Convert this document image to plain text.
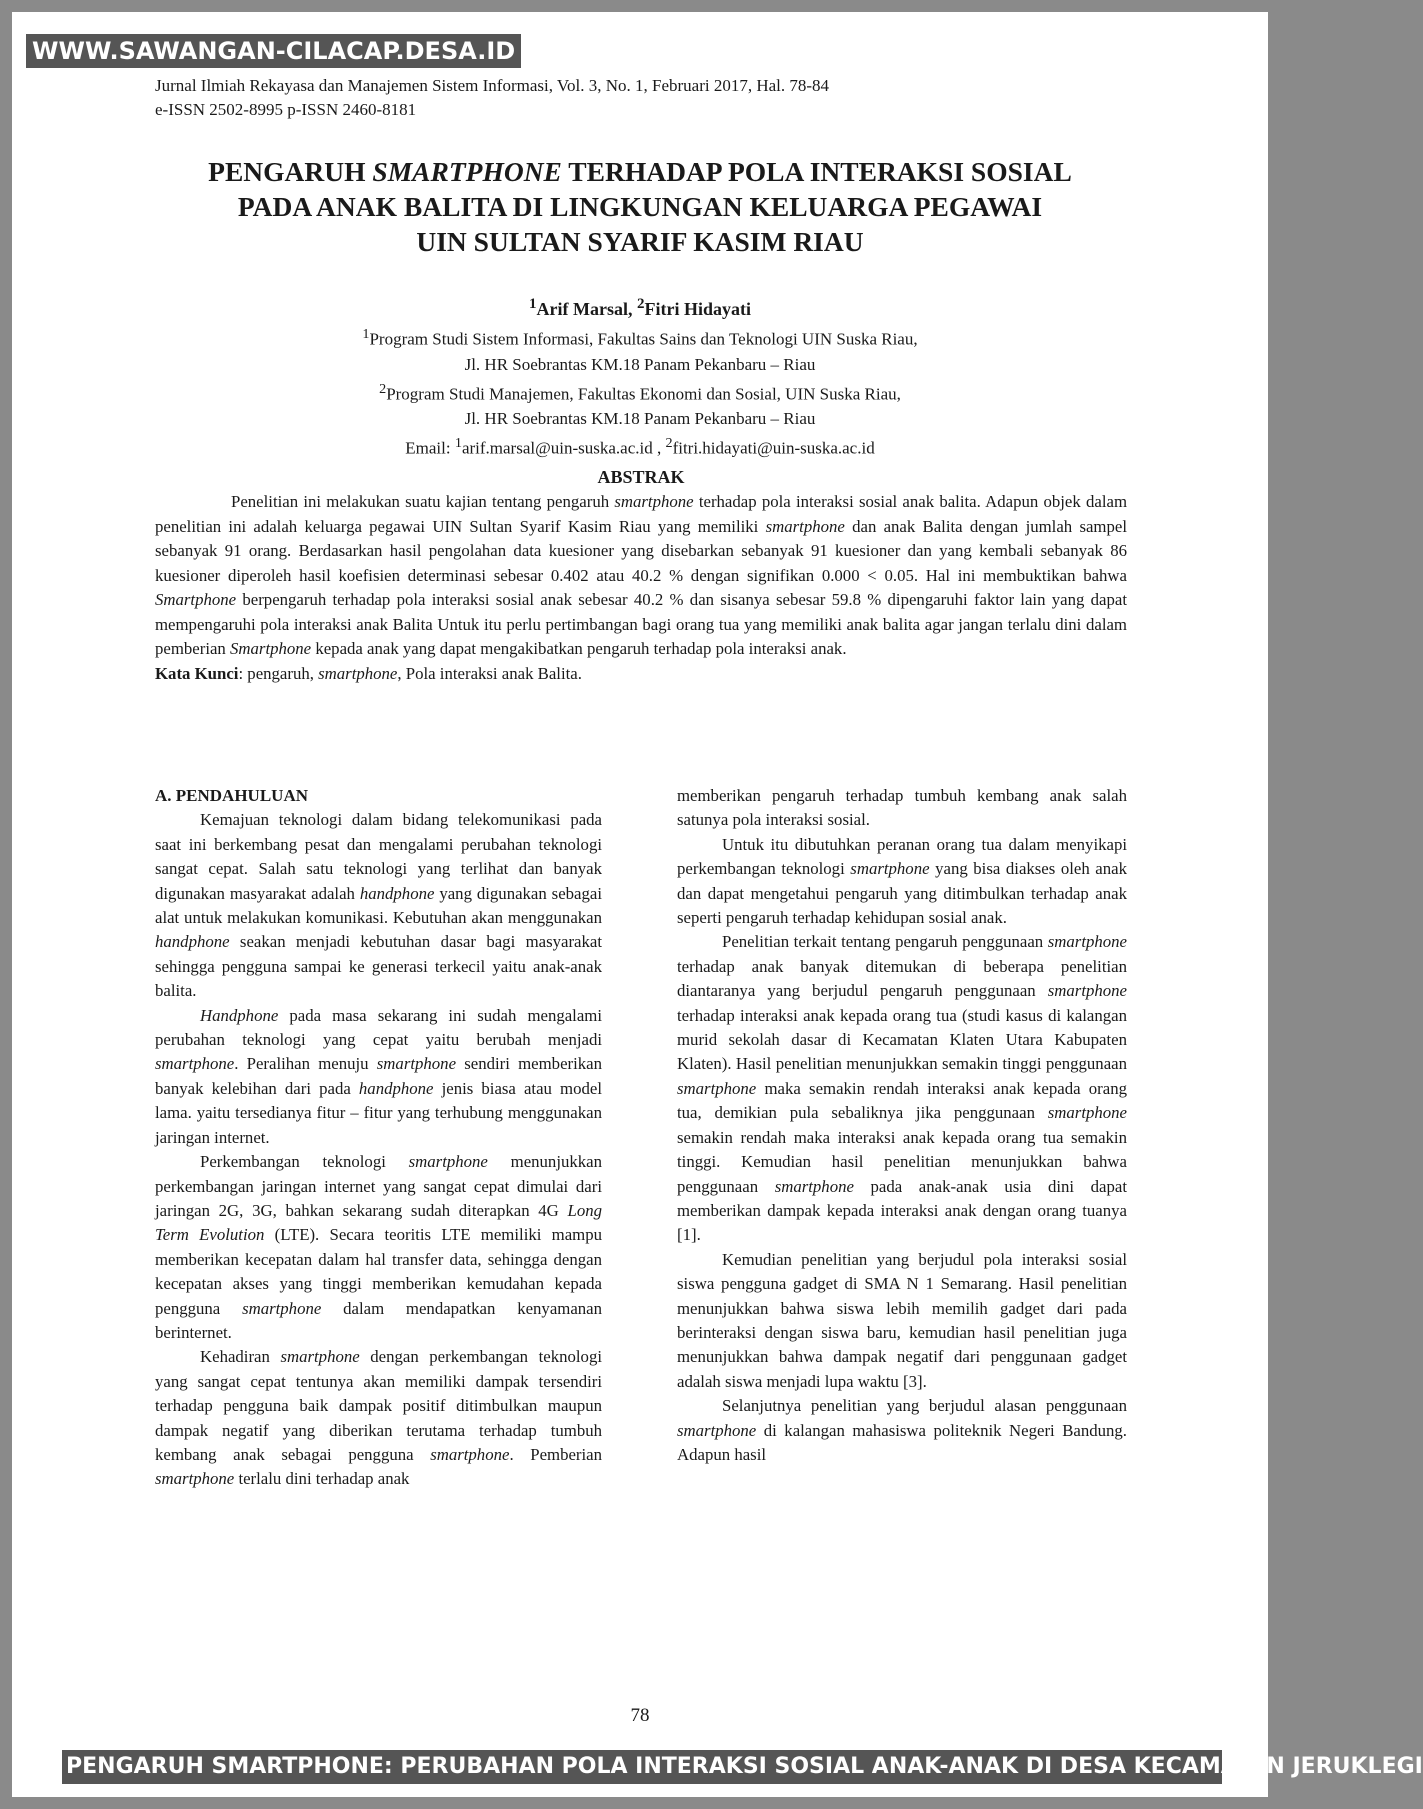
WWW.SAWANGAN-CILACAP.DESA.ID
Jurnal Ilmiah Rekayasa dan Manajemen Sistem Informasi, Vol. 3, No. 1, Februari 2017, Hal. 78-84
e-ISSN 2502-8995 p-ISSN 2460-8181
PENGARUH SMARTPHONE TERHADAP POLA INTERAKSI SOSIAL
PADA ANAK BALITA DI LINGKUNGAN KELUARGA PEGAWAI
UIN SULTAN SYARIF KASIM RIAU
$^1$Arif Marsal, $^2$Fitri Hidayati
$^1$Program Studi Sistem Informasi, Fakultas Sains dan Teknologi UIN Suska Riau,
Jl. HR Soebrantas KM.18 Panam Pekanbaru – Riau
$^2$Program Studi Manajemen, Fakultas Ekonomi dan Sosial, UIN Suska Riau,
Jl. HR Soebrantas KM.18 Panam Pekanbaru – Riau
Email: $^1$arif.marsal@uin-suska.ac.id , $^2$fitri.hidayati@uin-suska.ac.id
ABSTRAK

Penelitian ini melakukan suatu kajian tentang pengaruh smartphone terhadap pola interaksi sosial anak balita. Adapun objek dalam penelitian ini adalah keluarga pegawai UIN Sultan Syarif Kasim Riau yang memiliki smartphone dan anak Balita dengan jumlah sampel sebanyak 91 orang. Berdasarkan hasil pengolahan data kuesioner yang disebarkan sebanyak 91 kuesioner dan yang kembali sebanyak 86 kuesioner diperoleh hasil koefisien determinasi sebesar 0.402 atau 40.2 % dengan signifikan 0.000 < 0.05. Hal ini membuktikan bahwa Smartphone berpengaruh terhadap pola interaksi sosial anak sebesar 40.2 % dan sisanya sebesar 59.8 % dipengaruhi faktor lain yang dapat mempengaruhi pola interaksi anak Balita Untuk itu perlu pertimbangan bagi orang tua yang memiliki anak balita agar jangan terlalu dini dalam pemberian Smartphone kepada anak yang dapat mengakibatkan pengaruh terhadap pola interaksi anak.

Kata Kunci: pengaruh, smartphone, Pola interaksi anak Balita.

A. PENDAHULUAN

Kemajuan teknologi dalam bidang telekomunikasi pada saat ini berkembang pesat dan mengalami perubahan teknologi sangat cepat. Salah satu teknologi yang terlihat dan banyak digunakan masyarakat adalah handphone yang digunakan sebagai alat untuk melakukan komunikasi. Kebutuhan akan menggunakan handphone seakan menjadi kebutuhan dasar bagi masyarakat sehingga pengguna sampai ke generasi terkecil yaitu anak-anak balita.

Handphone pada masa sekarang ini sudah mengalami perubahan teknologi yang cepat yaitu berubah menjadi smartphone. Peralihan menuju smartphone sendiri memberikan banyak kelebihan dari pada handphone jenis biasa atau model lama. yaitu tersedianya fitur – fitur yang terhubung menggunakan jaringan internet.

Perkembangan teknologi smartphone menunjukkan perkembangan jaringan internet yang sangat cepat dimulai dari jaringan 2G, 3G, bahkan sekarang sudah diterapkan 4G Long Term Evolution (LTE). Secara teoritis LTE memiliki mampu memberikan kecepatan dalam hal transfer data, sehingga dengan kecepatan akses yang tinggi memberikan kemudahan kepada pengguna smartphone dalam mendapatkan kenyamanan berinternet.

Kehadiran smartphone dengan perkembangan teknologi yang sangat cepat tentunya akan memiliki dampak tersendiri terhadap pengguna baik dampak positif ditimbulkan maupun dampak negatif yang diberikan terutama terhadap tumbuh kembang anak sebagai pengguna smartphone. Pemberian smartphone terlalu dini terhadap anak

memberikan pengaruh terhadap tumbuh kembang anak salah satunya pola interaksi sosial.

Untuk itu dibutuhkan peranan orang tua dalam menyikapi perkembangan teknologi smartphone yang bisa diakses oleh anak dan dapat mengetahui pengaruh yang ditimbulkan terhadap anak seperti pengaruh terhadap kehidupan sosial anak.

Penelitian terkait tentang pengaruh penggunaan smartphone terhadap anak banyak ditemukan di beberapa penelitian diantaranya yang berjudul pengaruh penggunaan smartphone terhadap interaksi anak kepada orang tua (studi kasus di kalangan murid sekolah dasar di Kecamatan Klaten Utara Kabupaten Klaten). Hasil penelitian menunjukkan semakin tinggi penggunaan smartphone maka semakin rendah interaksi anak kepada orang tua, demikian pula sebaliknya jika penggunaan smartphone semakin rendah maka interaksi anak kepada orang tua semakin tinggi. Kemudian hasil penelitian menunjukkan bahwa penggunaan smartphone pada anak-anak usia dini dapat memberikan dampak kepada interaksi anak dengan orang tuanya [1].

Kemudian penelitian yang berjudul pola interaksi sosial siswa pengguna gadget di SMA N 1 Semarang. Hasil penelitian menunjukkan bahwa siswa lebih memilih gadget dari pada berinteraksi dengan siswa baru, kemudian hasil penelitian juga menunjukkan bahwa dampak negatif dari penggunaan gadget adalah siswa menjadi lupa waktu [3].

Selanjutnya penelitian yang berjudul alasan penggunaan smartphone di kalangan mahasiswa politeknik Negeri Bandung. Adapun hasil

78
PENGARUH SMARTPHONE: PERUBAHAN POLA INTERAKSI SOSIAL ANAK-ANAK DI DESA KECAMATAN JERUKLEGI
